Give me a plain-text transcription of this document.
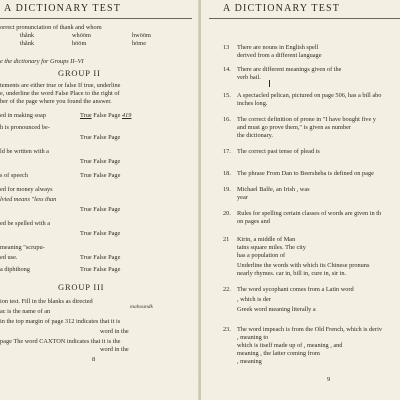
A DICTIONARY TEST
orrect pronunciation of thank and whom
thănk	whōōm	hwōōm
thănk	hōōm	hōme
e the dictionary for Groups II–VI
GROUP II
tements are either true or false If true, underline
e, underline the word False Place to the right of
ber of the page where you found the answer.
ed in making soap	True False Page 419
h is pronounced be-
True False Page
ld be written with a
True False Page
s of speech	True False Page
ed for money always
lvied means "less than
True False Page
ed be spelled with a
True False Page
meaning "scrupu-
ed use.	True False Page
a diphthong	True False Page
GROUP III
ion test. Fill in the blanks as directed
mahoundk
ac is the name of an
in the top margin of page 312 indicates that it is
word in the
page The word CAXTON indicates that it is the
word in the
8
A DICTIONARY TEST
13 There are nouns in English spell
derived from a different language
14. There are different meanings given of the
verb bail.
15. A spectacled pelican, pictured on page 506, has a bill abo
inches long.
16. The correct definition of prone in "I have bought five y
and must go prove them," is given as number
the dictionary.
17. The correct past tense of plead is
18. The phrase From Dan to Beersheba is defined on page
19. Michael Balfe, an Irish , was
year
20. Rules for spelling certain classes of words are given in th
on pages and
21 Kirin, a middle of Man
tains square miles. The city
has a population of
Underline the words with which its Chinese pronuns
nearly rhymes. car in, bill in, cure in, sir in.
22. The word sycophant comes from a Latin word
, which is der
Greek word meaning literally a
23. The word impeach is from the Old French, which is deriv
, meaning to
which is itself made up of , meaning , and
meaning , the latter coming from
, meaning
9
